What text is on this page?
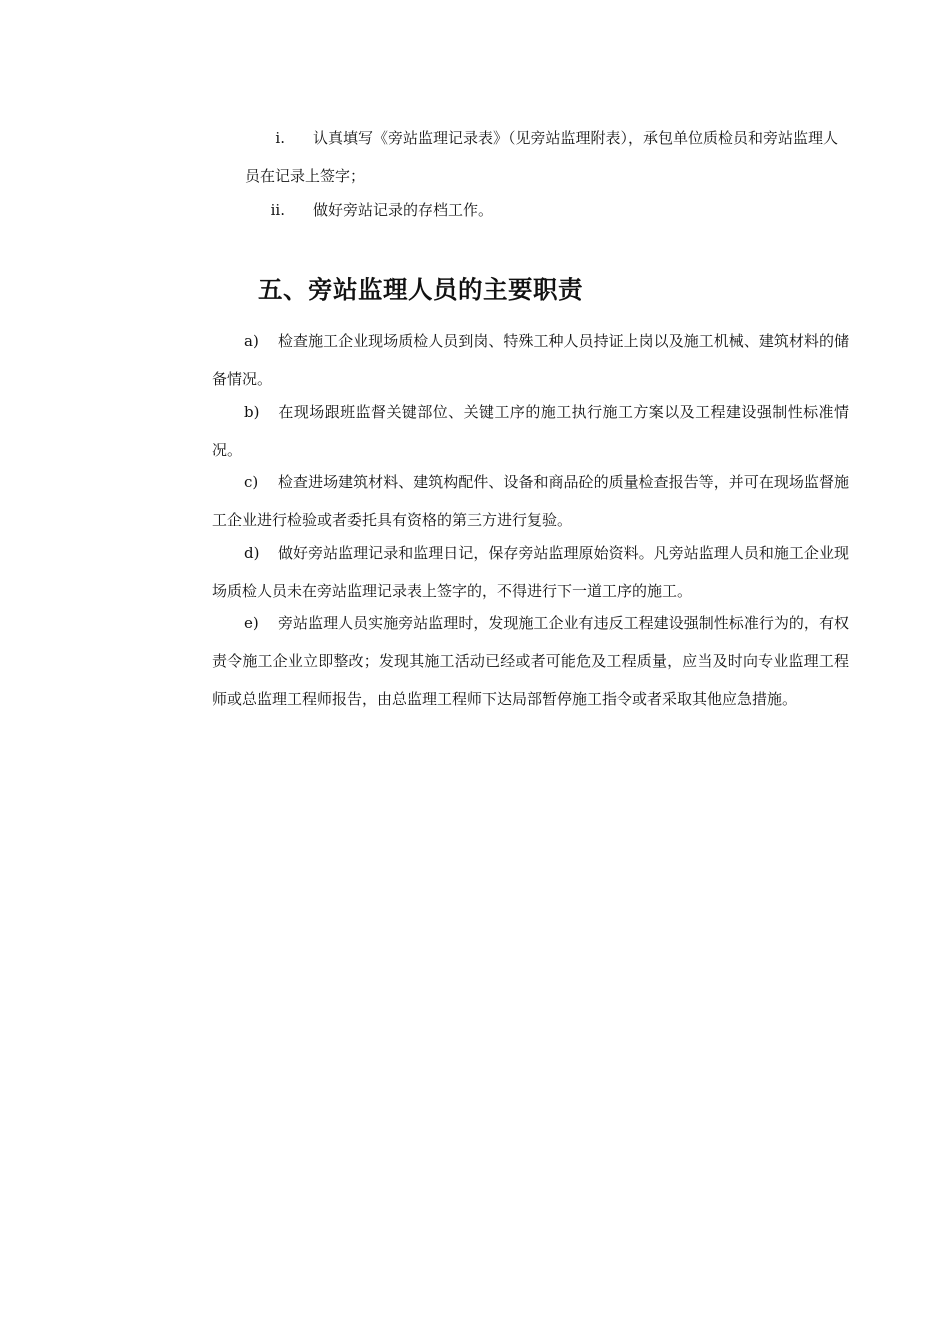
i.	认真填写《旁站监理记录表》（见旁站监理附表），承包单位质检员和旁站监理人员在记录上签字；
ii.	做好旁站记录的存档工作。
五、旁站监理人员的主要职责
a) 检查施工企业现场质检人员到岗、特殊工种人员持证上岗以及施工机械、建筑材料的储备情况。
b) 在现场跟班监督关键部位、关键工序的施工执行施工方案以及工程建设强制性标准情况。
c) 检查进场建筑材料、建筑构配件、设备和商品砼的质量检查报告等，并可在现场监督施工企业进行检验或者委托具有资格的第三方进行复验。
d) 做好旁站监理记录和监理日记，保存旁站监理原始资料。凡旁站监理人员和施工企业现场质检人员未在旁站监理记录表上签字的，不得进行下一道工序的施工。
e) 旁站监理人员实施旁站监理时，发现施工企业有违反工程建设强制性标准行为的，有权责令施工企业立即整改；发现其施工活动已经或者可能危及工程质量，应当及时向专业监理工程师或总监理工程师报告，由总监理工程师下达局部暂停施工指令或者采取其他应急措施。
